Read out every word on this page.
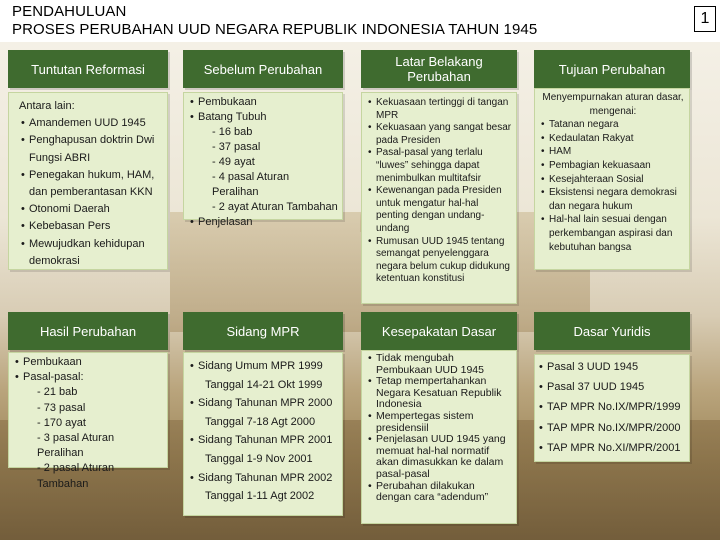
PENDAHULUAN
PROSES PERUBAHAN UUD NEGARA REPUBLIK INDONESIA TAHUN 1945
1
Tuntutan Reformasi	Sebelum Perubahan	Latar Belakang Perubahan	Tujuan Perubahan
Antara lain:
• Amandemen UUD 1945
• Penghapusan doktrin Dwi Fungsi ABRI
• Penegakan hukum, HAM, dan pemberantasan KKN
• Otonomi Daerah
• Kebebasan Pers
• Mewujudkan kehidupan demokrasi
• Pembukaan
• Batang Tubuh
- 16 bab
- 37 pasal
- 49 ayat
- 4 pasal Aturan Peralihan
- 2 ayat Aturan Tambahan
• Penjelasan
• Kekuasaan tertinggi di tangan MPR
• Kekuasaan yang sangat besar pada Presiden
• Pasal-pasal yang terlalu “luwes” sehingga dapat menimbulkan multitafsir
• Kewenangan pada Presiden untuk mengatur hal-hal penting dengan undang-undang
• Rumusan UUD 1945 tentang semangat penyelenggara negara belum cukup didukung ketentuan konstitusi
Menyempurnakan aturan dasar, mengenai:
• Tatanan negara
• Kedaulatan Rakyat
• HAM
• Pembagian kekuasaan
• Kesejahteraan Sosial
• Eksistensi negara demokrasi dan negara hukum
• Hal-hal lain sesuai dengan perkembangan aspirasi dan kebutuhan bangsa
Hasil Perubahan	Sidang MPR	Kesepakatan Dasar	Dasar Yuridis
• Pembukaan
• Pasal-pasal:
- 21 bab
- 73 pasal
- 170 ayat
- 3 pasal Aturan Peralihan
- 2 pasal Aturan Tambahan
• Sidang Umum MPR 1999
Tanggal 14-21 Okt 1999
• Sidang Tahunan MPR 2000
Tanggal 7-18 Agt 2000
• Sidang Tahunan MPR 2001
Tanggal 1-9 Nov 2001
• Sidang Tahunan MPR 2002
Tanggal 1-11 Agt 2002
• Tidak mengubah Pembukaan UUD 1945
• Tetap mempertahankan Negara Kesatuan Republik Indonesia
• Mempertegas sistem presidensiil
• Penjelasan UUD 1945 yang memuat hal-hal normatif akan dimasukkan ke dalam pasal-pasal
• Perubahan dilakukan dengan cara “adendum”
• Pasal 3 UUD 1945
• Pasal 37 UUD 1945
• TAP MPR No.IX/MPR/1999
• TAP MPR No.IX/MPR/2000
• TAP MPR No.XI/MPR/2001
